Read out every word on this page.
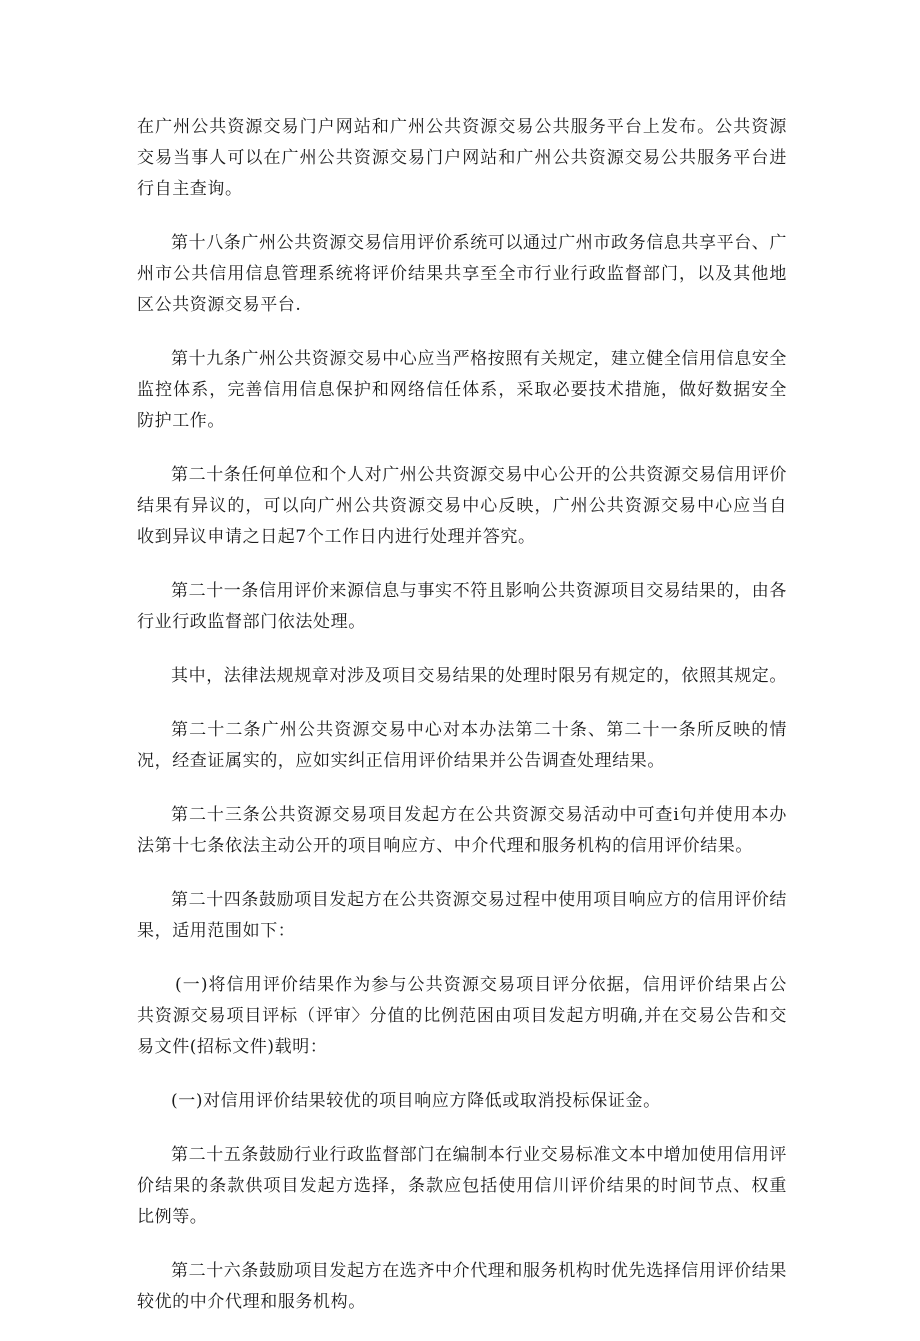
在广州公共资源交易门户网站和广州公共资源交易公共服务平台上发布。公共资源交易当事人可以在广州公共资源交易门户网站和广州公共资源交易公共服务平台进行自主查询。

第十八条广州公共资源交易信用评价系统可以通过广州市政务信息共享平台、广州市公共信用信息管理系统将评价结果共享至全市行业行政监督部门，以及其他地区公共资源交易平台.

第十九条广州公共资源交易中心应当严格按照有关规定，建立健全信用信息安全监控体系，完善信用信息保护和网络信任体系，采取必要技术措施，做好数据安全防护工作。

第二十条任何单位和个人对广州公共资源交易中心公开的公共资源交易信用评价结果有异议的，可以向广州公共资源交易中心反映，广州公共资源交易中心应当自收到异议申请之日起7个工作日内进行处理并答究。

第二十一条信用评价来源信息与事实不符且影响公共资源项目交易结果的，由各行业行政监督部门依法处理。

其中，法律法规规章对涉及项目交易结果的处理时限另有规定的，依照其规定。

第二十二条广州公共资源交易中心对本办法第二十条、第二十一条所反映的情况，经查证属实的，应如实纠正信用评价结果并公告调查处理结果。

第二十三条公共资源交易项目发起方在公共资源交易活动中可查i句并使用本办法第十七条依法主动公开的项目响应方、中介代理和服务机构的信用评价结果。

第二十四条鼓励项目发起方在公共资源交易过程中使用项目响应方的信用评价结果，适用范围如下：

(一)将信用评价结果作为参与公共资源交易项目评分依据，信用评价结果占公共资源交易项目评标（评审〉分值的比例范困由项目发起方明确,并在交易公告和交易文件(招标文件)载明：

(一)对信用评价结果较优的项目响应方降低或取消投标保证金。

第二十五条鼓励行业行政监督部门在编制本行业交易标准文本中增加使用信用评价结果的条款供项目发起方选择，条款应包括使用信川评价结果的时间节点、权重比例等。

第二十六条鼓励项目发起方在选齐中介代理和服务机构时优先选择信用评价结果较优的中介代理和服务机构。
